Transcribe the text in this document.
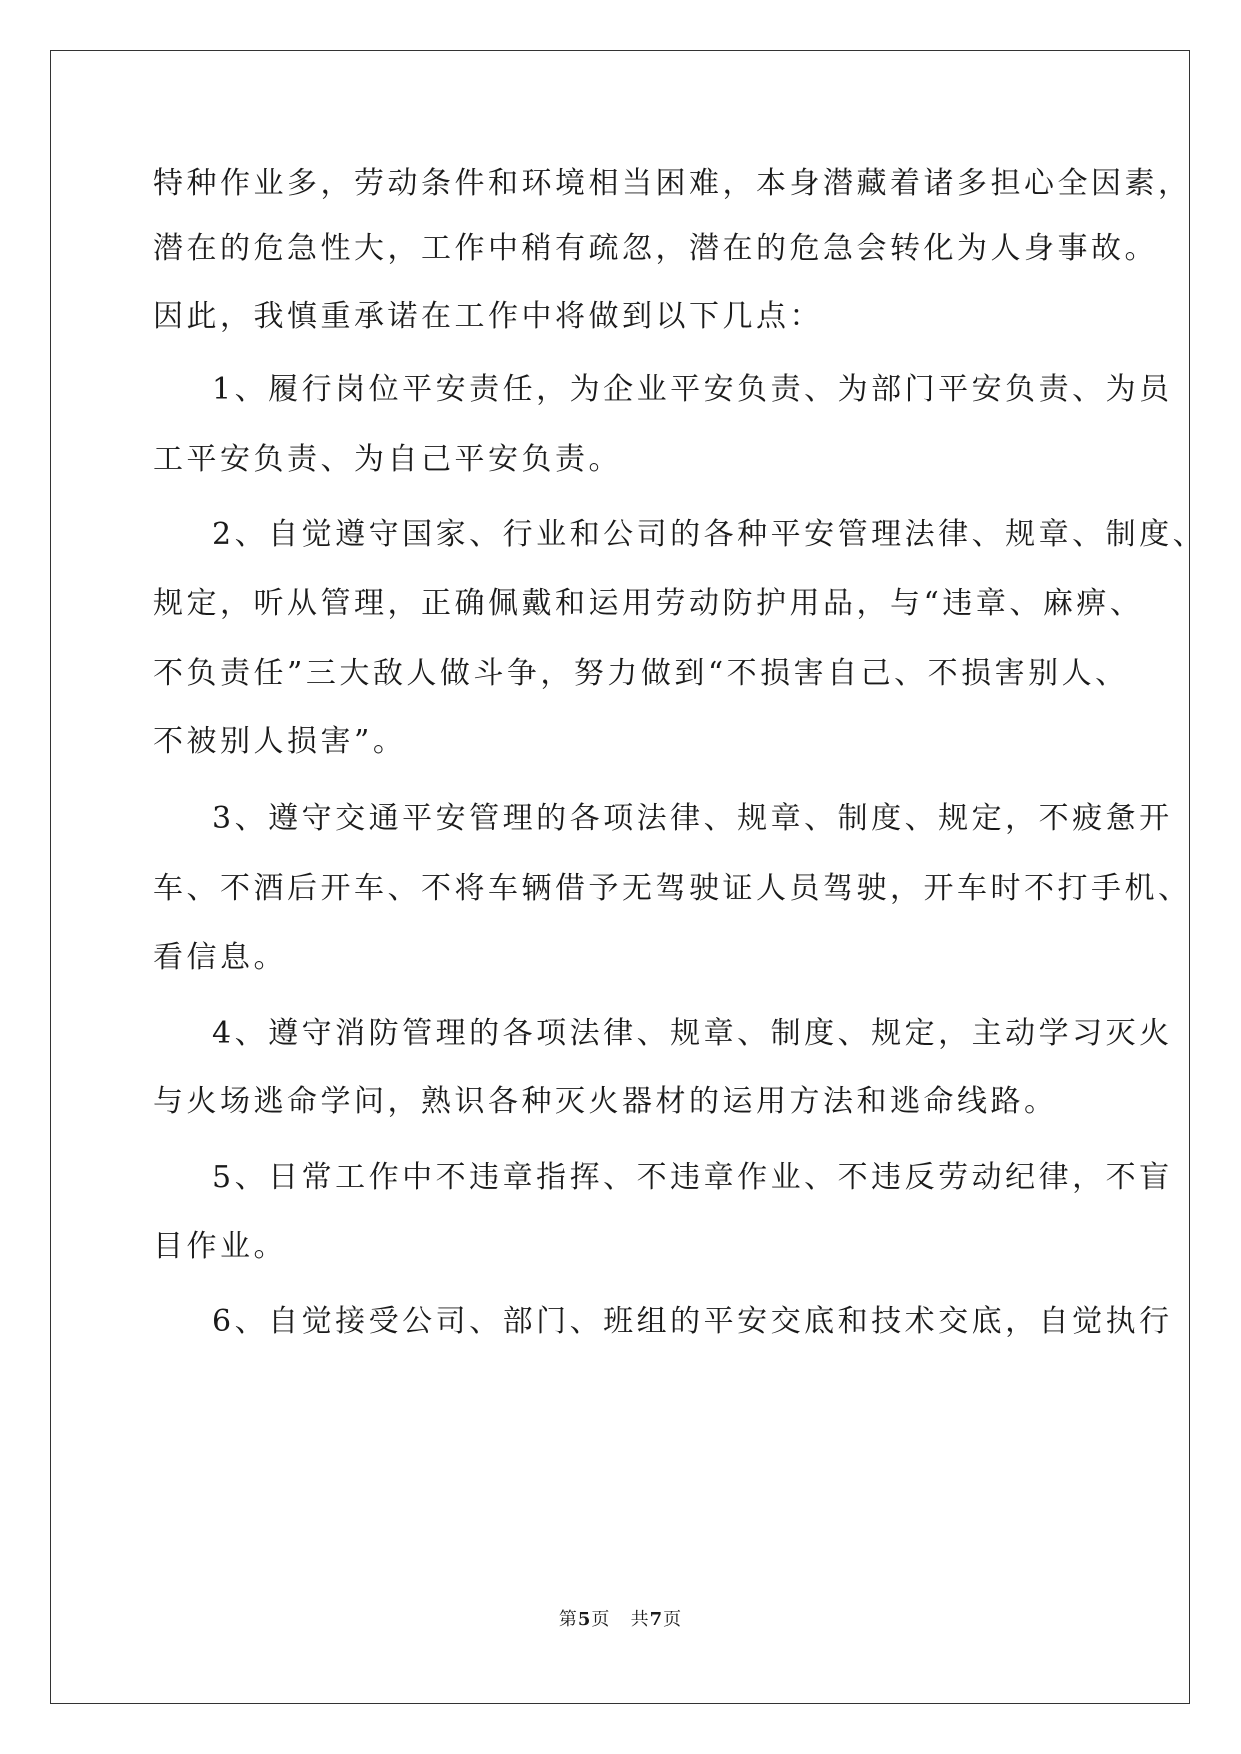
特种作业多，劳动条件和环境相当困难，本身潜藏着诸多担心全因素，
潜在的危急性大，工作中稍有疏忽，潜在的危急会转化为人身事故。
因此，我慎重承诺在工作中将做到以下几点：
1、履行岗位平安责任，为企业平安负责、为部门平安负责、为员
工平安负责、为自己平安负责。
2、自觉遵守国家、行业和公司的各种平安管理法律、规章、制度、
规定，听从管理，正确佩戴和运用劳动防护用品，与“违章、麻痹、
不负责任”三大敌人做斗争，努力做到“不损害自己、不损害别人、
不被别人损害”。
3、遵守交通平安管理的各项法律、规章、制度、规定，不疲惫开
车、不酒后开车、不将车辆借予无驾驶证人员驾驶，开车时不打手机、
看信息。
4、遵守消防管理的各项法律、规章、制度、规定，主动学习灭火
与火场逃命学问，熟识各种灭火器材的运用方法和逃命线路。
5、日常工作中不违章指挥、不违章作业、不违反劳动纪律，不盲
目作业。
6、自觉接受公司、部门、班组的平安交底和技术交底，自觉执行
第5页 共7页
